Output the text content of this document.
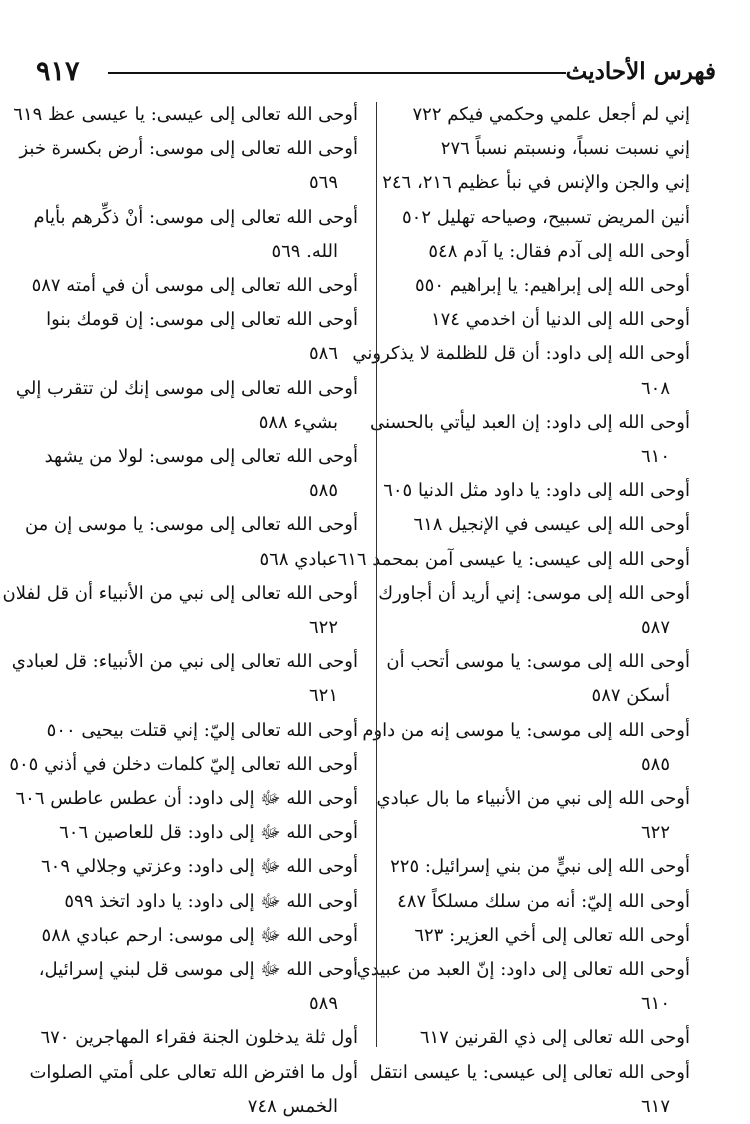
٩١٧	فهرس الأحاديث
إني لم أجعل علمي وحكمي فيكم ٧٢٢
إني نسبت نسباً، ونسبتم نسباً ٢٧٦
إني والجن والإنس في نبأ عظيم ٢١٦، ٢٤٦
أنين المريض تسبيح، وصياحه تهليل ٥٠٢
أوحى الله إلى آدم فقال: يا آدم ٥٤٨
أوحى الله إلى إبراهيم: يا إبراهيم ٥٥٠
أوحى الله إلى الدنيا أن اخدمي ١٧٤
أوحى الله إلى داود: أن قل للظلمة لا يذكروني
٦٠٨
أوحى الله إلى داود: إن العبد ليأتي بالحسنى
٦١٠
أوحى الله إلى داود: يا داود مثل الدنيا ٦٠٥
أوحى الله إلى عيسى في الإنجيل ٦١٨
أوحى الله إلى عيسى: يا عيسى آمن بمحمد ٦١٦
أوحى الله إلى موسى: إني أريد أن أجاورك
٥٨٧
أوحى الله إلى موسى: يا موسى أتحب أن
أسكن ٥٨٧
أوحى الله إلى موسى: يا موسى إنه من داوم
٥٨٥
أوحى الله إلى نبي من الأنبياء ما بال عبادي
٦٢٢
أوحى الله إلى نبيٍّ من بني إسرائيل: ٢٢٥
أوحى الله إليّ: أنه من سلك مسلكاً ٤٨٧
أوحى الله تعالى إلى أخي العزير: ٦٢٣
أوحى الله تعالى إلى داود: إنّ العبد من عبيدي
٦١٠
أوحى الله تعالى إلى ذي القرنين ٦١٧
أوحى الله تعالى إلى عيسى: يا عيسى انتقل
٦١٧
أوحى الله تعالى إلى عيسى: يا عيسى عظ ٦١٩
أوحى الله تعالى إلى موسى: أرض بكسرة خبز
٥٦٩
أوحى الله تعالى إلى موسى: أنْ ذكِّرهم بأيام
الله. ٥٦٩
أوحى الله تعالى إلى موسى أن في أمته ٥٨٧
أوحى الله تعالى إلى موسى: إن قومك بنوا
٥٨٦
أوحى الله تعالى إلى موسى إنك لن تتقرب إلي
بشيء ٥٨٨
أوحى الله تعالى إلى موسى: لولا من يشهد
٥٨٥
أوحى الله تعالى إلى موسى: يا موسى إن من
عبادي ٥٦٨
أوحى الله تعالى إلى نبي من الأنبياء أن قل لفلان
٦٢٢
أوحى الله تعالى إلى نبي من الأنبياء: قل لعبادي
٦٢١
أوحى الله تعالى إليّ: إني قتلت بيحيى ٥٠٠
أوحى الله تعالى إليّ كلمات دخلن في أذني ٥٠٥
أوحى الله ﷻ إلى داود: أن عطس عاطس ٦٠٦
أوحى الله ﷻ إلى داود: قل للعاصين ٦٠٦
أوحى الله ﷻ إلى داود: وعزتي وجلالي ٦٠٩
أوحى الله ﷻ إلى داود: يا داود اتخذ ٥٩٩
أوحى الله ﷻ إلى موسى: ارحم عبادي ٥٨٨
أوحى الله ﷻ إلى موسى قل لبني إسرائيل،
٥٨٩
أول ثلة يدخلون الجنة فقراء المهاجرين ٦٧٠
أول ما افترض الله تعالى على أمتي الصلوات
الخمس ٧٤٨
